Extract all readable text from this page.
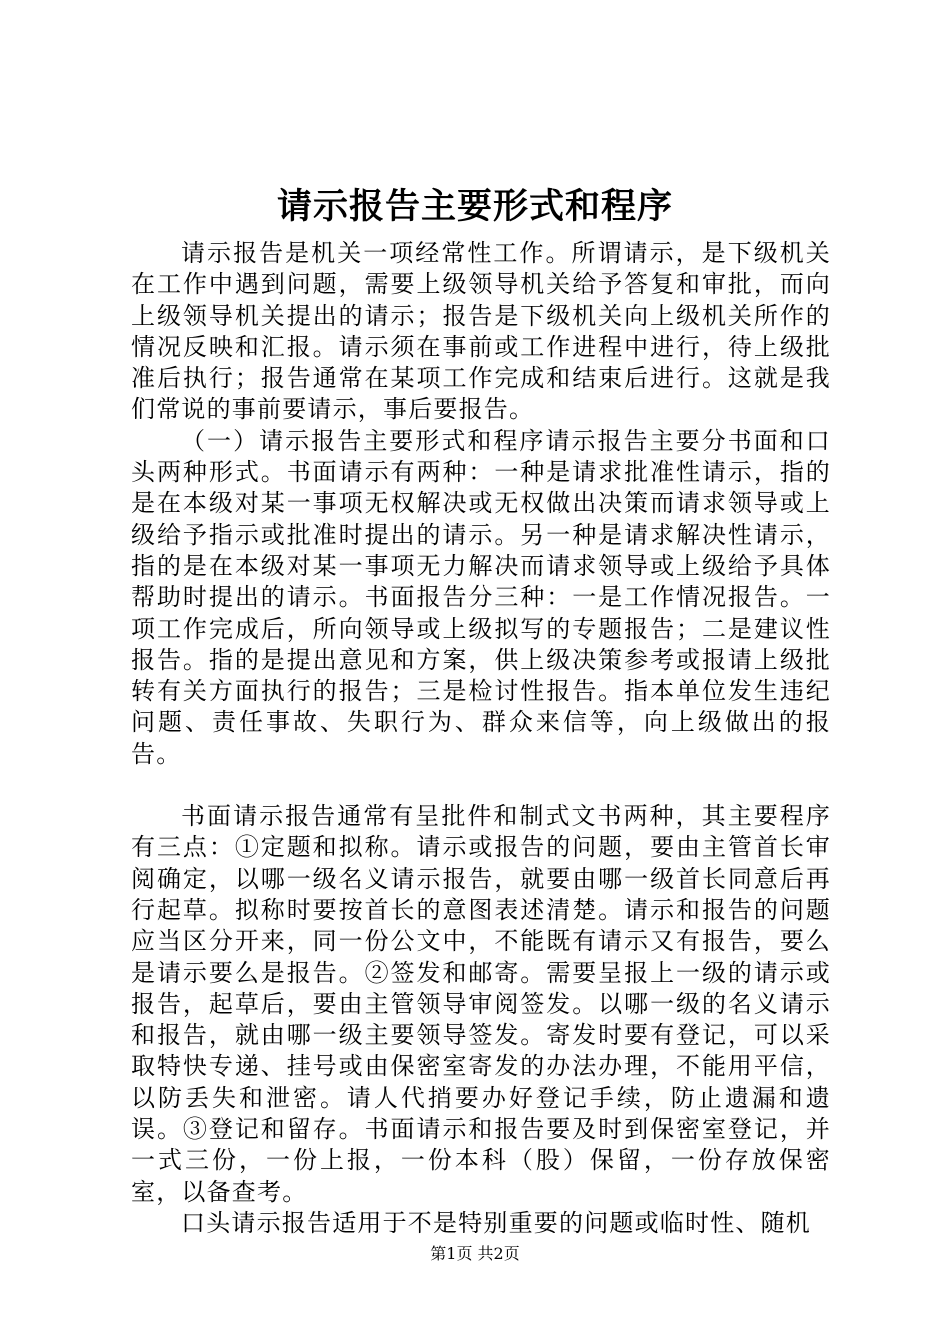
请示报告主要形式和程序

请示报告是机关一项经常性工作。所谓请示，是下级机关在工作中遇到问题，需要上级领导机关给予答复和审批，而向上级领导机关提出的请示；报告是下级机关向上级机关所作的情况反映和汇报。请示须在事前或工作进程中进行，待上级批准后执行；报告通常在某项工作完成和结束后进行。这就是我们常说的事前要请示，事后要报告。

（一）请示报告主要形式和程序请示报告主要分书面和口头两种形式。书面请示有两种：一种是请求批准性请示，指的是在本级对某一事项无权解决或无权做出决策而请求领导或上级给予指示或批准时提出的请示。另一种是请求解决性请示，指的是在本级对某一事项无力解决而请求领导或上级给予具体帮助时提出的请示。书面报告分三种：一是工作情况报告。一项工作完成后，所向领导或上级拟写的专题报告；二是建议性报告。指的是提出意见和方案，供上级决策参考或报请上级批转有关方面执行的报告；三是检讨性报告。指本单位发生违纪问题、责任事故、失职行为、群众来信等，向上级做出的报告。

书面请示报告通常有呈批件和制式文书两种，其主要程序有三点：①定题和拟称。请示或报告的问题，要由主管首长审阅确定，以哪一级名义请示报告，就要由哪一级首长同意后再行起草。拟称时要按首长的意图表述清楚。请示和报告的问题应当区分开来，同一份公文中，不能既有请示又有报告，要么是请示要么是报告。②签发和邮寄。需要呈报上一级的请示或报告，起草后，要由主管领导审阅签发。以哪一级的名义请示和报告，就由哪一级主要领导签发。寄发时要有登记，可以采取特快专递、挂号或由保密室寄发的办法办理，不能用平信，以防丢失和泄密。请人代捎要办好登记手续，防止遗漏和遗误。③登记和留存。书面请示和报告要及时到保密室登记，并一式三份，一份上报，一份本科（股）保留，一份存放保密室，以备查考。

口头请示报告适用于不是特别重要的问题或临时性、随机

第1页 共2页
